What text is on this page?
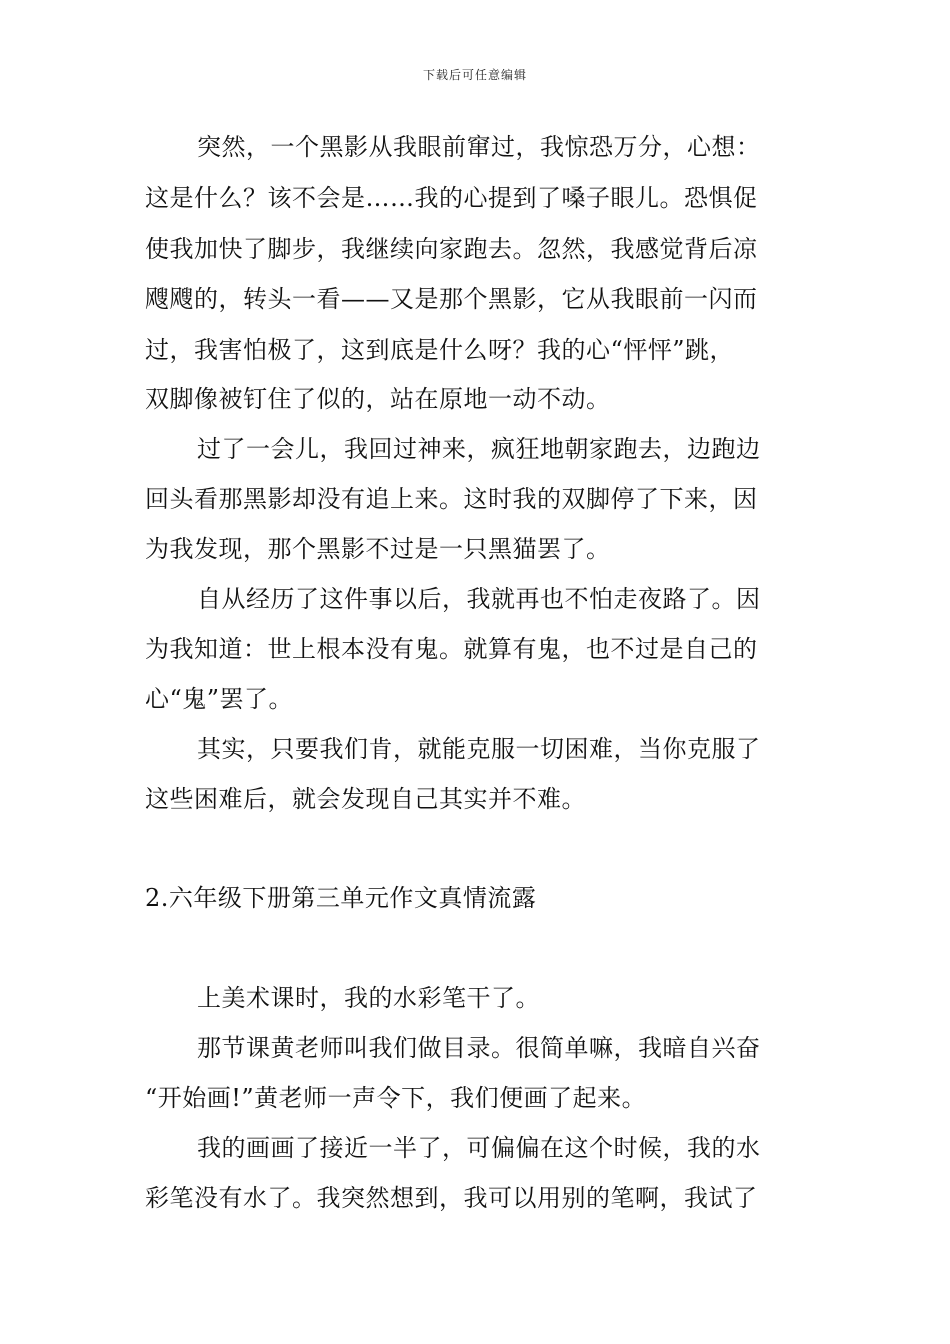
下载后可任意编辑
突然，一个黑影从我眼前窜过，我惊恐万分，心想：
这是什么？该不会是……我的心提到了嗓子眼儿。恐惧促
使我加快了脚步，我继续向家跑去。忽然，我感觉背后凉
飕飕的，转头一看——又是那个黑影，它从我眼前一闪而
过，我害怕极了，这到底是什么呀？我的心“怦怦”跳，
双脚像被钉住了似的，站在原地一动不动。
过了一会儿，我回过神来，疯狂地朝家跑去，边跑边
回头看那黑影却没有追上来。这时我的双脚停了下来，因
为我发现，那个黑影不过是一只黑猫罢了。
自从经历了这件事以后，我就再也不怕走夜路了。因
为我知道：世上根本没有鬼。就算有鬼，也不过是自己的
心“鬼”罢了。
其实，只要我们肯，就能克服一切困难，当你克服了
这些困难后，就会发现自己其实并不难。
2.六年级下册第三单元作文真情流露
上美术课时，我的水彩笔干了。
那节课黄老师叫我们做目录。很简单嘛，我暗自兴奋
“开始画!”黄老师一声令下，我们便画了起来。
我的画画了接近一半了，可偏偏在这个时候，我的水
彩笔没有水了。我突然想到，我可以用别的笔啊，我试了
